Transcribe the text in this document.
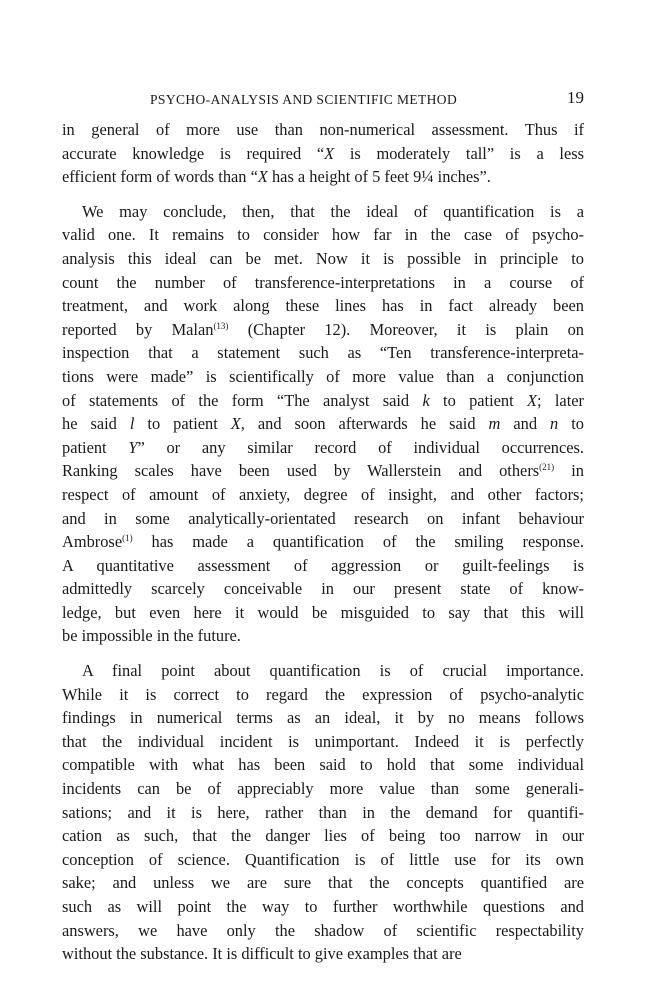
PSYCHO-ANALYSIS AND SCIENTIFIC METHOD	19

in general of more use than non-numerical assessment. Thus if
accurate knowledge is required “X is moderately tall” is a less
efficient form of words than “X has a height of 5 feet 9¼ inches”.

We may conclude, then, that the ideal of quantification is a
valid one. It remains to consider how far in the case of psycho-
analysis this ideal can be met. Now it is possible in principle to
count the number of transference-interpretations in a course of
treatment, and work along these lines has in fact already been
reported by Malan$^{(13)}$ (Chapter 12). Moreover, it is plain on
inspection that a statement such as “Ten transference-interpreta-
tions were made” is scientifically of more value than a conjunction
of statements of the form “The analyst said k to patient X; later
he said l to patient X, and soon afterwards he said m and n to
patient Y” or any similar record of individual occurrences.
Ranking scales have been used by Wallerstein and others$^{(21)}$ in
respect of amount of anxiety, degree of insight, and other factors;
and in some analytically-orientated research on infant behaviour
Ambrose$^{(1)}$ has made a quantification of the smiling response.
A quantitative assessment of aggression or guilt-feelings is
admittedly scarcely conceivable in our present state of know-
ledge, but even here it would be misguided to say that this will
be impossible in the future.

A final point about quantification is of crucial importance.
While it is correct to regard the expression of psycho-analytic
findings in numerical terms as an ideal, it by no means follows
that the individual incident is unimportant. Indeed it is perfectly
compatible with what has been said to hold that some individual
incidents can be of appreciably more value than some generali-
sations; and it is here, rather than in the demand for quantifi-
cation as such, that the danger lies of being too narrow in our
conception of science. Quantification is of little use for its own
sake; and unless we are sure that the concepts quantified are
such as will point the way to further worthwhile questions and
answers, we have only the shadow of scientific respectability
without the substance. It is difficult to give examples that are
